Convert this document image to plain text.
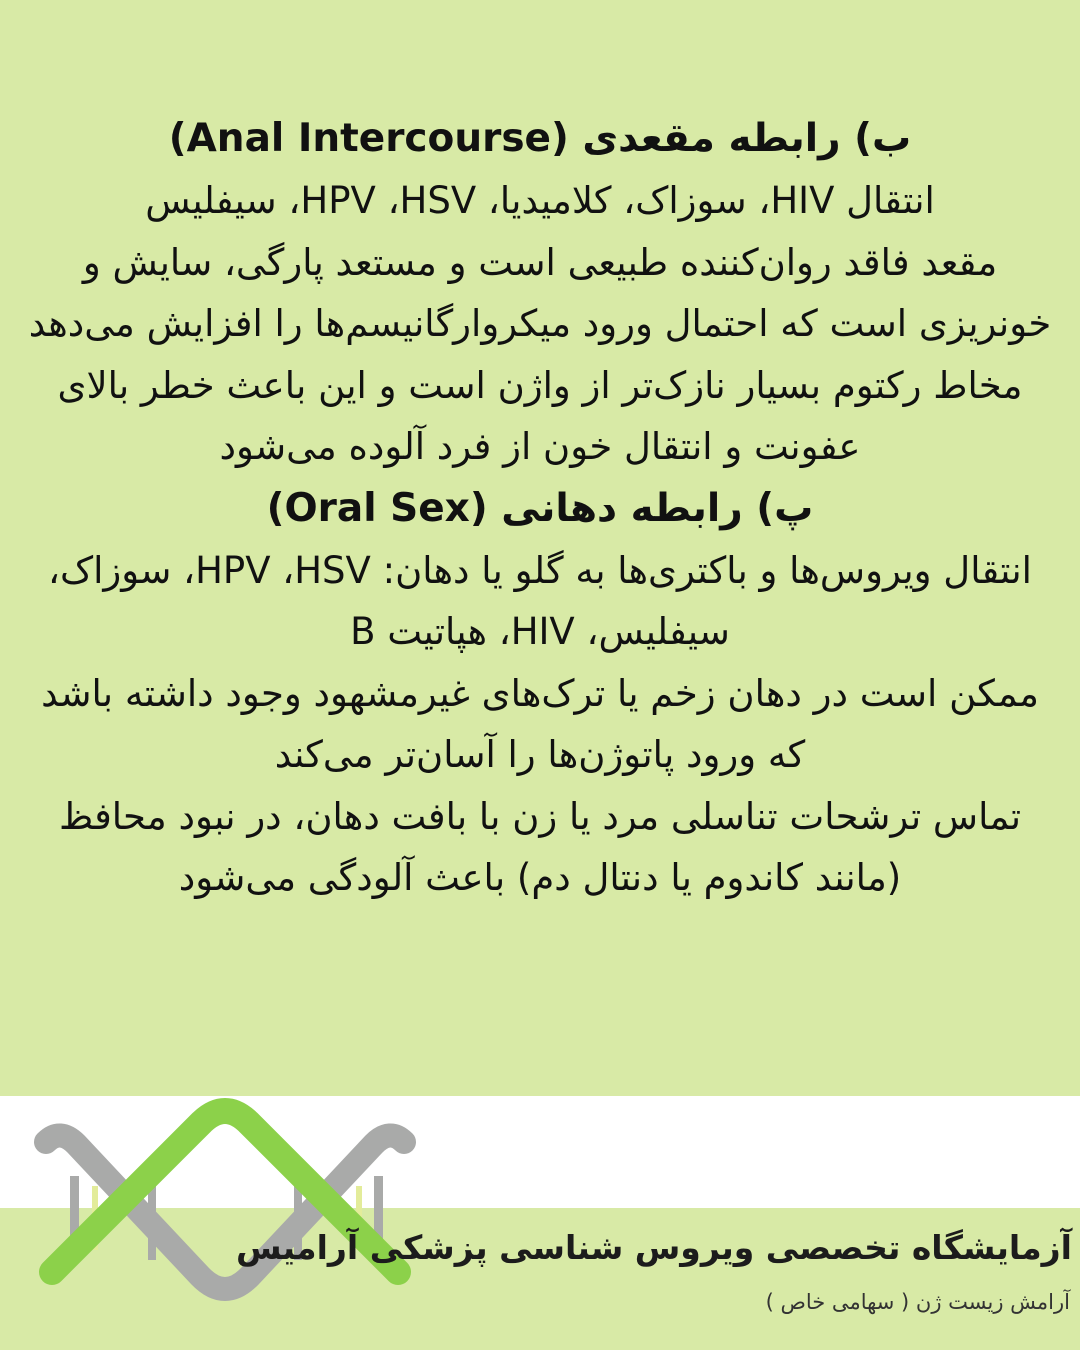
ب) رابطه مقعدی (Anal Intercourse)

انتقال HIV، سوزاک، کلامیدیا، HPV ،HSV، سیفلیس

مقعد فاقد روان‌کننده طبیعی است و مستعد پارگی، سایش و خونریزی است که احتمال ورود میکروارگانیسم‌ها را افزایش می‌دهد

مخاط رکتوم بسیار نازک‌تر از واژن است و این باعث خطر بالای عفونت و انتقال خون از فرد آلوده می‌شود

پ) رابطه دهانی (Oral Sex)

انتقال ویروس‌ها و باکتری‌ها به گلو یا دهان: HPV ،HSV، سوزاک، سیفلیس، HIV، هپاتیت B

ممکن است در دهان زخم یا ترک‌های غیرمشهود وجود داشته باشد که ورود پاتوژن‌ها را آسان‌تر می‌کند

تماس ترشحات تناسلی مرد یا زن با بافت دهان، در نبود محافظ (مانند کاندوم یا دنتال دم) باعث آلودگی می‌شود

آزمایشگاه تخصصی ویروس شناسی پزشکی آرامیس
آرامش زیست ژن ( سهامی خاص )
